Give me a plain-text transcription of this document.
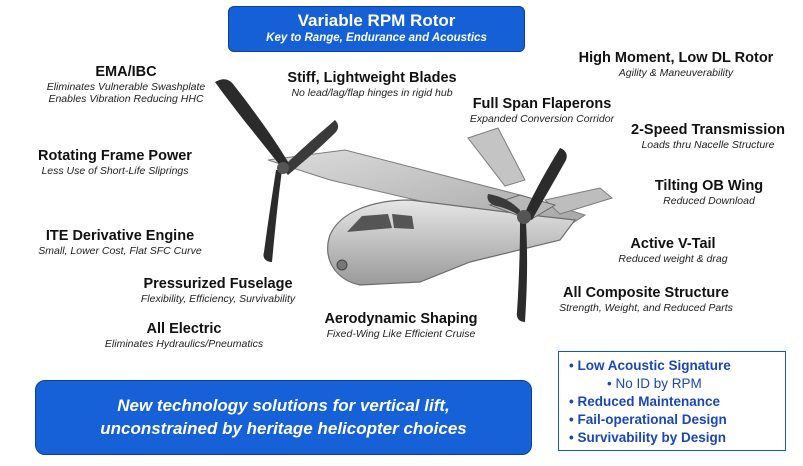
Variable RPM Rotor
Key to Range, Endurance and Acoustics
EMA/IBC
Eliminates Vulnerable Swashplate
Enables Vibration Reducing HHC
Stiff, Lightweight Blades
No lead/lag/flap hinges in rigid hub
High Moment, Low DL Rotor
Agility & Maneuverability
Full Span Flaperons
Expanded Conversion Corridor
Rotating Frame Power
Less Use of Short-Life Sliprings
2-Speed Transmission
Loads thru Nacelle Structure
Tilting OB Wing
Reduced Download
ITE Derivative Engine
Small, Lower Cost, Flat SFC Curve	Active V-Tail
Reduced weight & drag
Pressurized Fuselage
Flexibility, Efficiency, Survivability	All Composite Structure
Strength, Weight, and Reduced Parts
All Electric
Eliminates Hydraulics/Pneumatics
Aerodynamic Shaping
Fixed-Wing Like Efficient Cruise
New technology solutions for vertical lift,
unconstrained by heritage helicopter choices
• Low Acoustic Signature
• No ID by RPM
• Reduced Maintenance
• Fail-operational Design
• Survivability by Design
